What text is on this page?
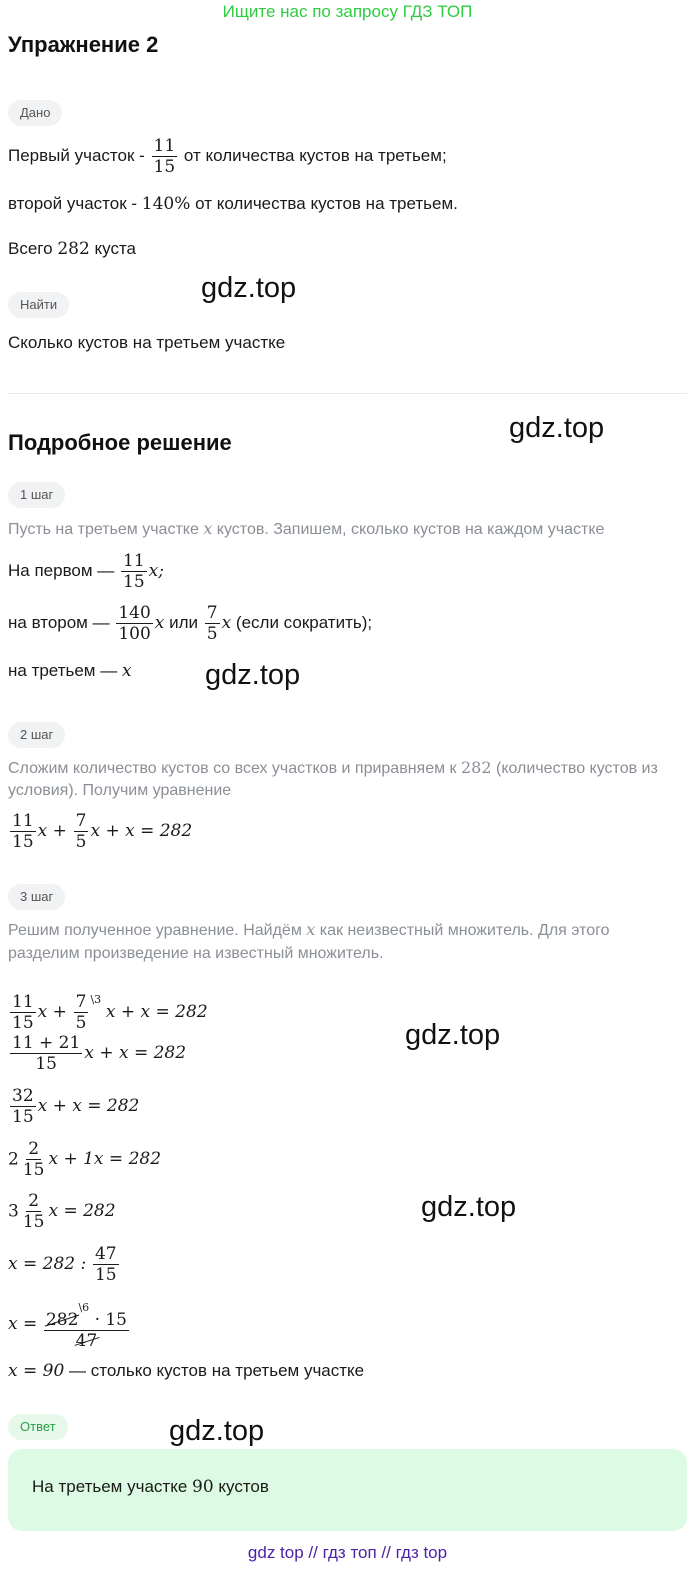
Ищите нас по запросу ГДЗ ТОП
Упражнение 2
Дано
Первый участок - $\frac{11}{15}$ от количества кустов на третьем;
второй участок - 140% от количества кустов на третьем.
Всего 282 куста
Найти
Сколько кустов на третьем участке
Подробное решение
1 шаг
Пусть на третьем участке x кустов. Запишем, сколько кустов на каждом участке
На первом — $\frac{11}{15} x$;
на втором — $\frac{140}{100}$ x или $\frac{7}{5}$ x (если сократить);
на третьем — x
2 шаг
Сложим количество кустов со всех участков и приравняем к 282 (количество кустов из
условия). Получим уравнение
$\frac{11}{15}$ $x + \frac{7}{5}$ x + x = 282
3 шаг
Решим полученное уравнение. Найдём x как неизвестный множитель. Для этого
разделим произведение на известный множитель.
$\frac{11}{15}$ $x + \frac{7}{5} ^{\backslash 3}$ x + x = 282
$\frac{11 + 21}{15}$ x + x = 282
$\frac{32}{15}$ x + x = 282
$2 \frac{2}{15}$ x + 1x = 282
$3 \frac{2}{15}$ x = 282
x = 282 : $\frac{47}{15}$
$x = \frac{282^{\backslash 6} \cdot 15}{47}$
x = 90 — столько кустов на третьем участке
Ответ
На третьем участке 90 кустов
gdz.top
gdz.top
gdz.top
gdz.top
gdz.top
gdz.top
gdz top // гдз топ // гдз top
